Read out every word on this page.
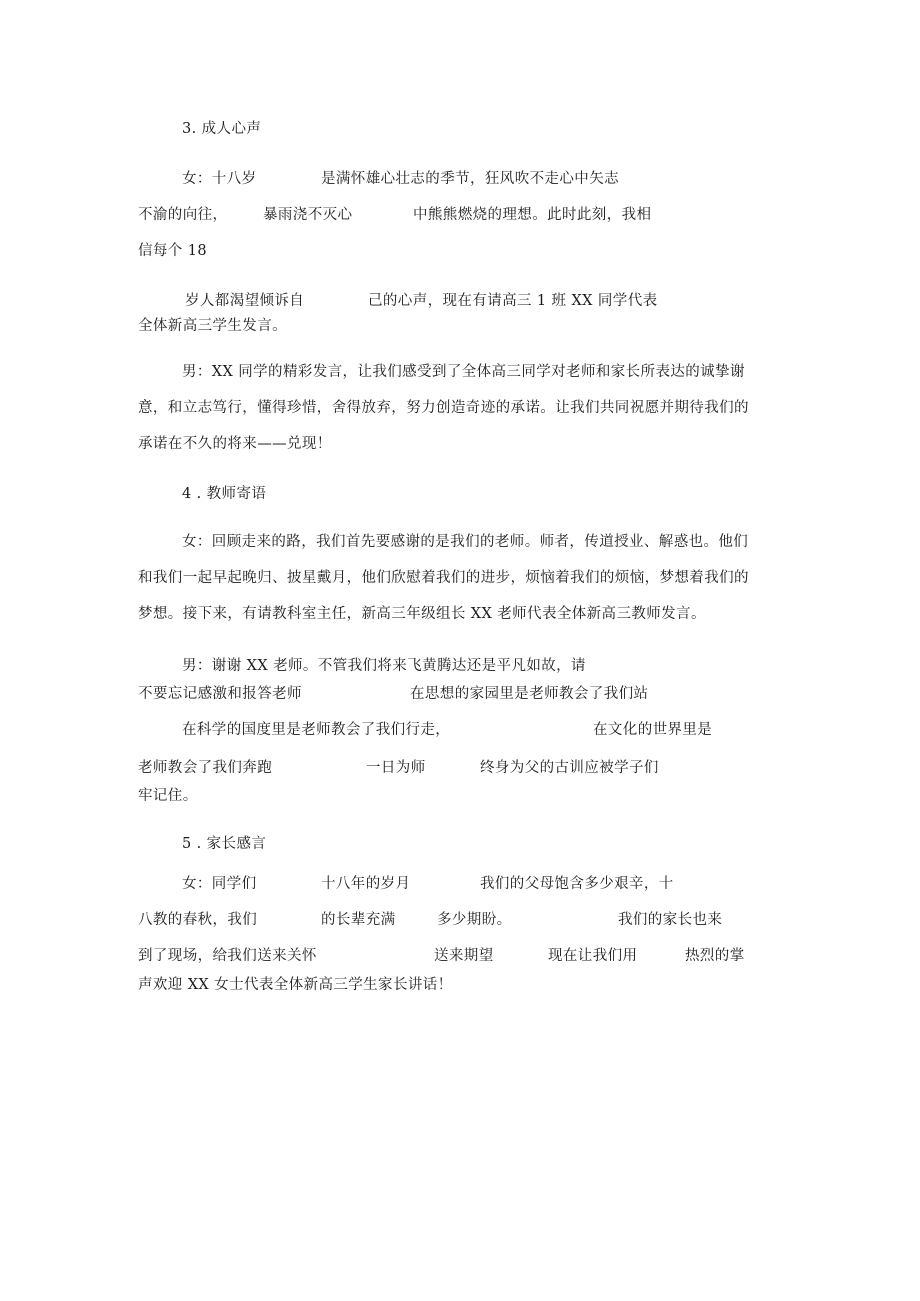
3. 成人心声
女：十八岁	是满怀雄心壮志的季节，狂风吹不走心中矢志
不渝的向往， 暴雨浇不灭心	中熊熊燃烧的理想。此时此刻，我相
信每个 18
岁人都渴望倾诉自	己的心声，现在有请高三 1 班 XX 同学代表
全体新高三学生发言。
男：XX 同学的精彩发言，让我们感受到了全体高三同学对老师和家长所表达的诚挚谢
意，和立志笃行，懂得珍惜，舍得放弃，努力创造奇迹的承诺。让我们共同祝愿并期待我们的
承诺在不久的将来——兑现！
4 . 教师寄语
女：回顾走来的路，我们首先要感谢的是我们的老师。师者，传道授业、解惑也。他们
和我们一起早起晚归、披星戴月，他们欣慰着我们的进步，烦恼着我们的烦恼，梦想着我们的
梦想。接下来，有请教科室主任，新高三年级组长 XX 老师代表全体新高三教师发言。
男：谢谢 XX 老师。不管我们将来飞黄腾达还是平凡如故，请
不要忘记感激和报答老师	在思想的家园里是老师教会了我们站
在科学的国度里是老师教会了我们行走，	在文化的世界里是
老师教会了我们奔跑	一日为师	终身为父的古训应被学子们
牢记住。
5 . 家长感言
女：同学们	十八年的岁月	我们的父母饱含多少艰辛，十
八教的春秋，我们	的长辈充满	多少期盼。	我们的家长也来
到了现场，给我们送来关怀	送来期望	现在让我们用	热烈的掌
声欢迎 XX 女士代表全体新高三学生家长讲话！
